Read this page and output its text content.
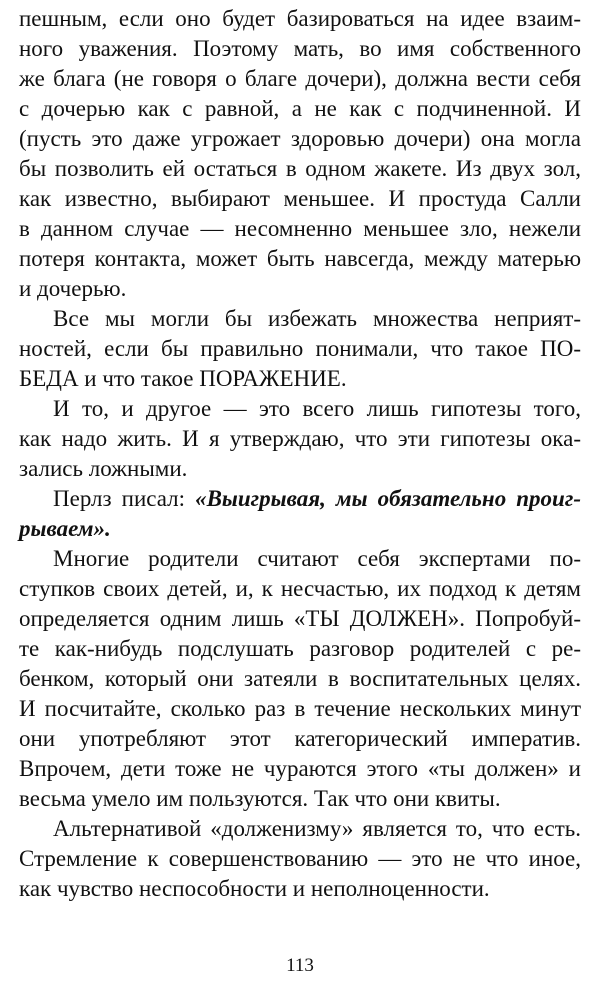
пешным, если оно будет базироваться на идее взаим-
ного уважения. Поэтому мать, во имя собственного
же блага (не говоря о благе дочери), должна вести себя
с дочерью как с равной, а не как с подчиненной. И
(пусть это даже угрожает здоровью дочери) она могла
бы позволить ей остаться в одном жакете. Из двух зол,
как известно, выбирают меньшее. И простуда Салли
в данном случае — несомненно меньшее зло, нежели
потеря контакта, может быть навсегда, между матерью
и дочерью.
Все мы могли бы избежать множества неприят-
ностей, если бы правильно понимали, что такое ПО-
БЕДА и что такое ПОРАЖЕНИЕ.
И то, и другое — это всего лишь гипотезы того,
как надо жить. И я утверждаю, что эти гипотезы ока-
зались ложными.
Перлз писал: «Выигрывая, мы обязательно проиг-
рываем».
Многие родители считают себя экспертами по-
ступков своих детей, и, к несчастью, их подход к детям
определяется одним лишь «ТЫ ДОЛЖЕН». Попробуй-
те как-нибудь подслушать разговор родителей с ре-
бенком, который они затеяли в воспитательных целях.
И посчитайте, сколько раз в течение нескольких минут
они употребляют этот категорический императив.
Впрочем, дети тоже не чураются этого «ты должен» и
весьма умело им пользуются. Так что они квиты.
Альтернативой «долженизму» является то, что есть.
Стремление к совершенствованию — это не что иное,
как чувство неспособности и неполноценности.
113
